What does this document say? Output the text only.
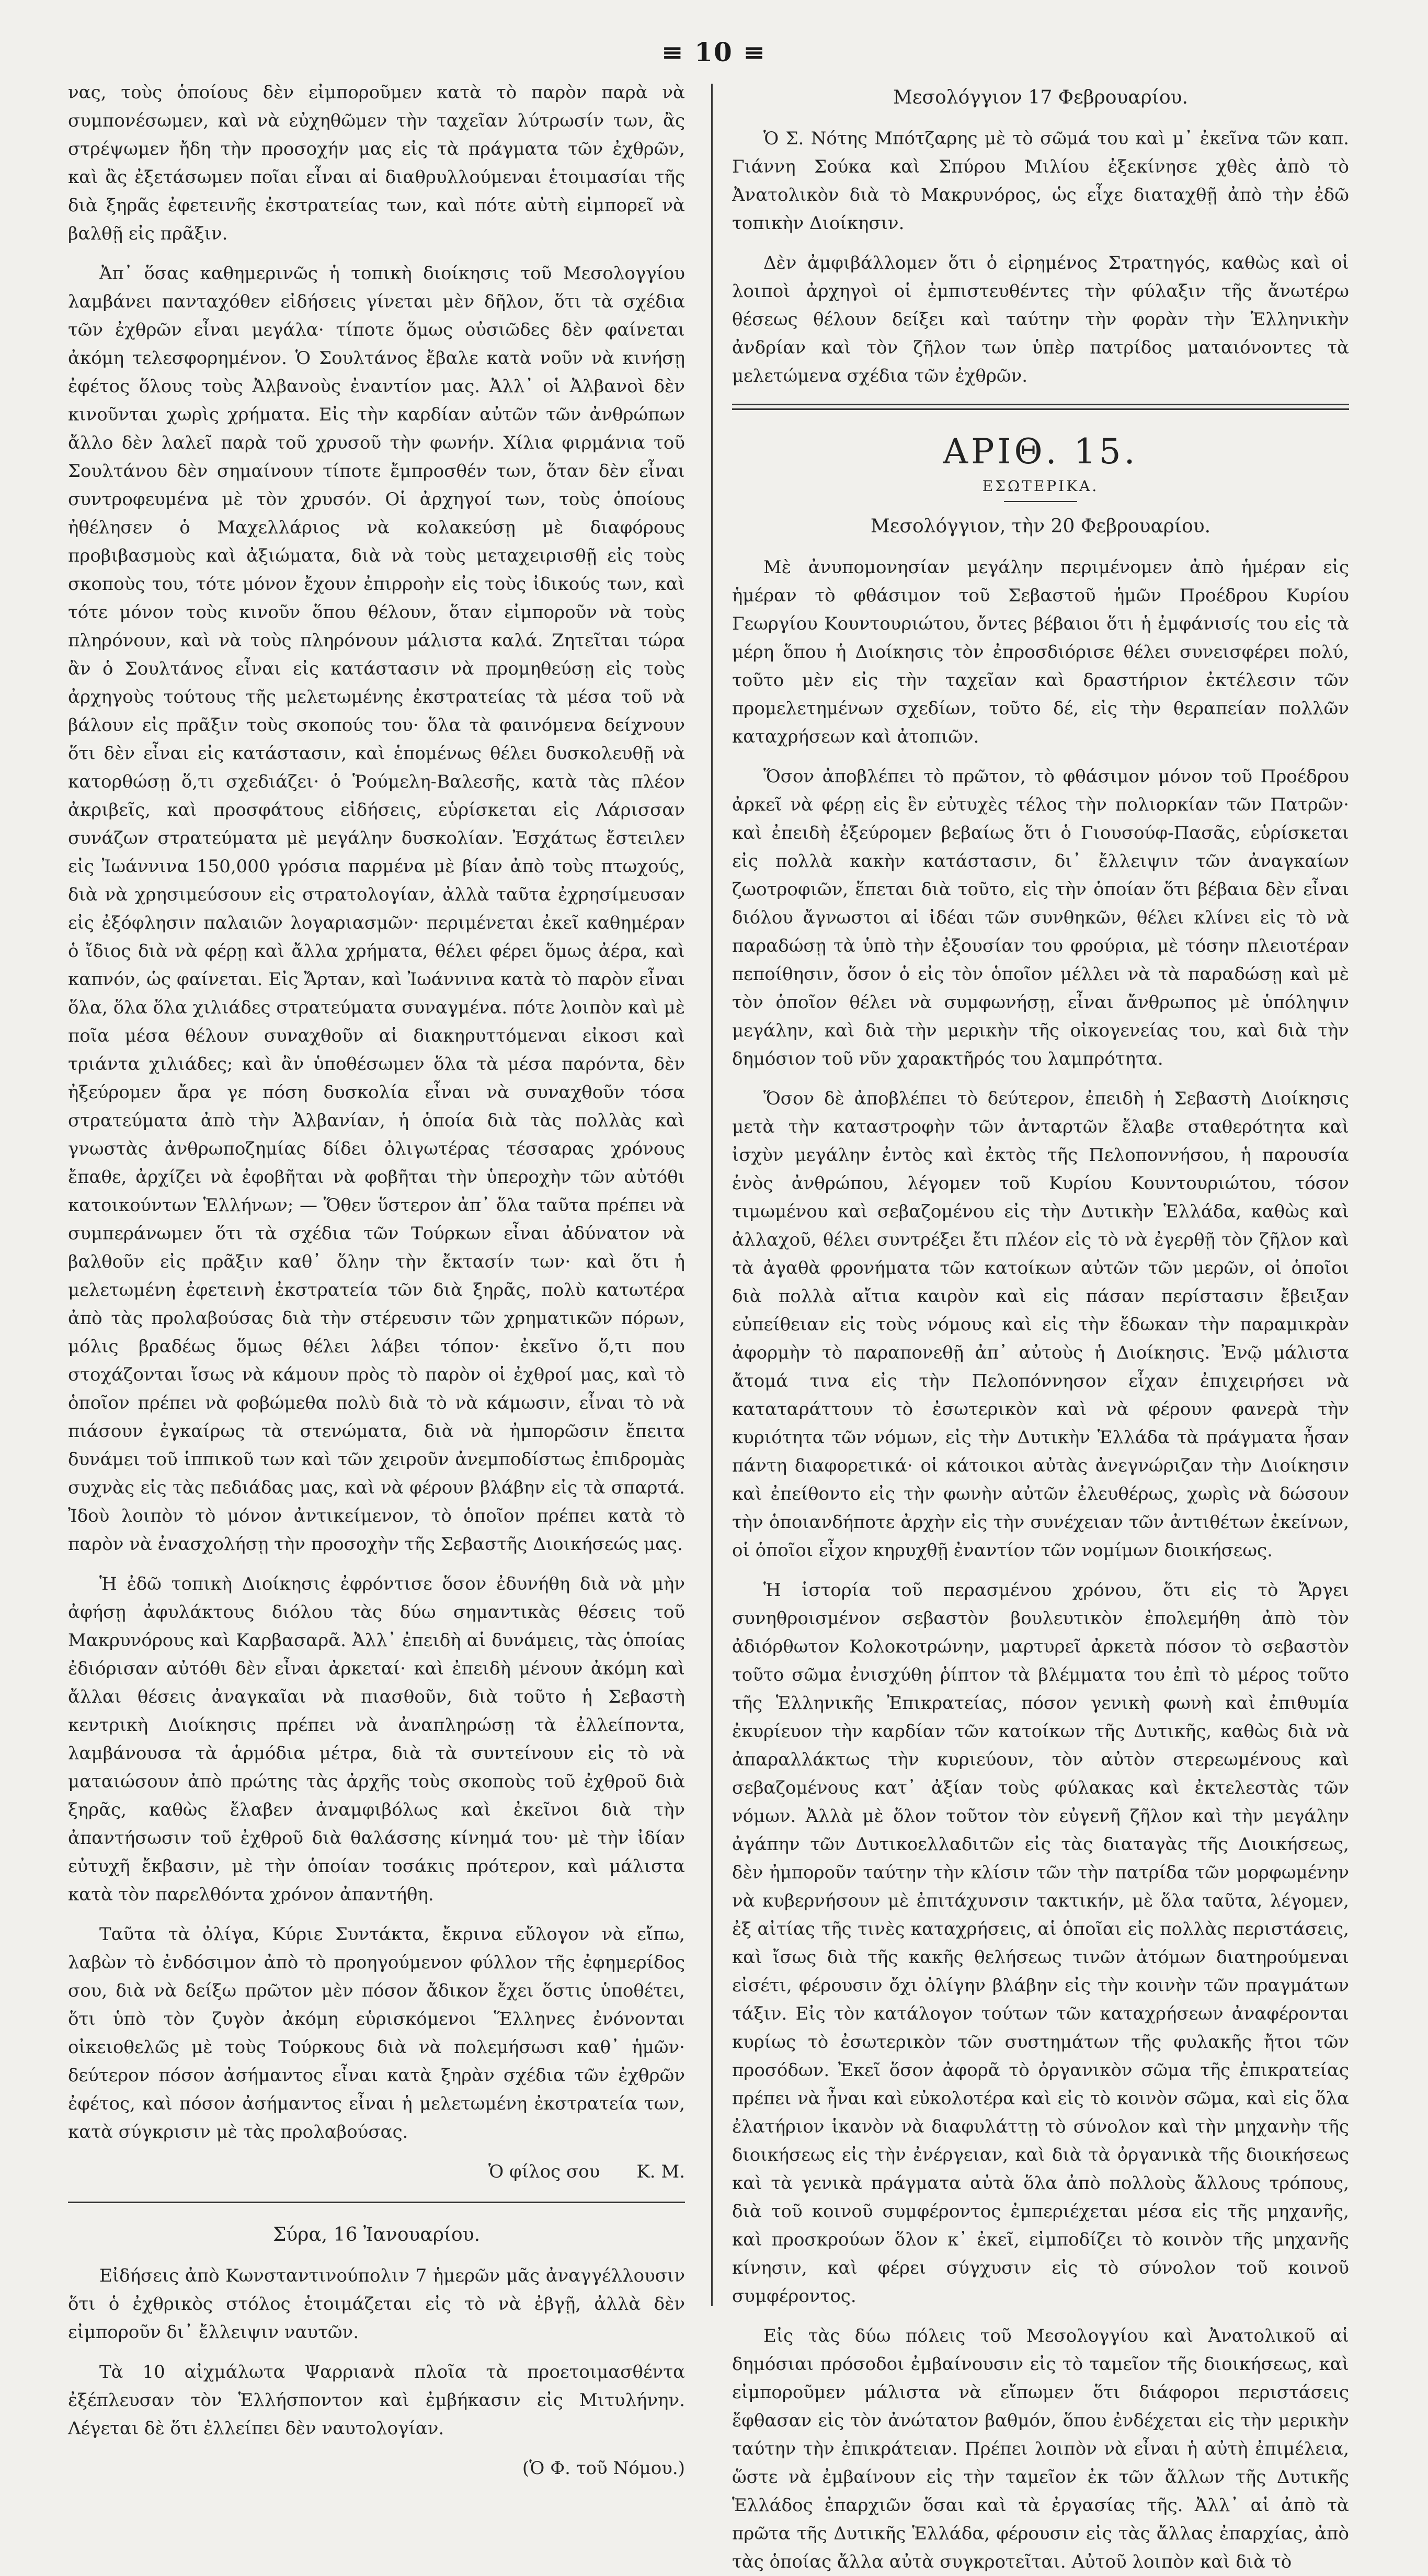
≡ 10 ≡

νας, τοὺς ὁποίους δὲν εἰμποροῦμεν κατὰ τὸ παρὸν παρὰ νὰ συμπονέσωμεν, καὶ νὰ εὐχηθῶμεν τὴν ταχεῖαν λύτρωσίν των, ἂς στρέψωμεν ἤδη τὴν προσοχήν μας εἰς τὰ πράγματα τῶν ἐχθρῶν, καὶ ἂς ἐξετάσωμεν ποῖαι εἶναι αἱ διαθρυλλούμεναι ἑτοιμασίαι τῆς διὰ ξηρᾶς ἐφετεινῆς ἐκστρατείας των, καὶ πότε αὐτὴ εἰμπορεῖ νὰ βαλθῇ εἰς πρᾶξιν.

Ἀπ᾽ ὅσας καθημερινῶς ἡ τοπικὴ διοίκησις τοῦ Μεσολογγίου λαμβάνει πανταχόθεν εἰδήσεις γίνεται μὲν δῆλον, ὅτι τὰ σχέδια τῶν ἐχθρῶν εἶναι μεγάλα· τίποτε ὅμως οὐσιῶδες δὲν φαίνεται ἀκόμη τελεσφορημένον. Ὁ Σουλτάνος ἔβαλε κατὰ νοῦν νὰ κινήσῃ ἐφέτος ὅλους τοὺς Ἀλβανοὺς ἐναντίον μας. Ἀλλ᾽ οἱ Ἀλβανοὶ δὲν κινοῦνται χωρὶς χρήματα. Εἰς τὴν καρδίαν αὐτῶν τῶν ἀνθρώπων ἄλλο δὲν λαλεῖ παρὰ τοῦ χρυσοῦ τὴν φωνήν. Χίλια φιρμάνια τοῦ Σουλτάνου δὲν σημαίνουν τίποτε ἔμπροσθέν των, ὅταν δὲν εἶναι συντροφευμένα μὲ τὸν χρυσόν. Οἱ ἀρχηγοί των, τοὺς ὁποίους ἠθέλησεν ὁ Μαχελλάριος νὰ κολακεύσῃ μὲ διαφόρους προβιβασμοὺς καὶ ἀξιώματα, διὰ νὰ τοὺς μεταχειρισθῇ εἰς τοὺς σκοποὺς του, τότε μόνον ἔχουν ἐπιρροὴν εἰς τοὺς ἰδικούς των, καὶ τότε μόνον τοὺς κινοῦν ὅπου θέλουν, ὅταν εἰμποροῦν νὰ τοὺς πληρόνουν, καὶ νὰ τοὺς πληρόνουν μάλιστα καλά. Ζητεῖται τώρα ἂν ὁ Σουλτάνος εἶναι εἰς κατάστασιν νὰ προμηθεύσῃ εἰς τοὺς ἀρχηγοὺς τούτους τῆς μελετωμένης ἐκστρατείας τὰ μέσα τοῦ νὰ βάλουν εἰς πρᾶξιν τοὺς σκοπούς του· ὅλα τὰ φαινόμενα δείχνουν ὅτι δὲν εἶναι εἰς κατάστασιν, καὶ ἑπομένως θέλει δυσκολευθῇ νὰ κατορθώσῃ ὅ,τι σχεδιάζει· ὁ Ῥούμελη-Βαλεσῆς, κατὰ τὰς πλέον ἀκριβεῖς, καὶ προσφάτους εἰδήσεις, εὑρίσκεται εἰς Λάρισσαν συνάζων στρατεύματα μὲ μεγάλην δυσκολίαν. Ἐσχάτως ἔστειλεν εἰς Ἰωάννινα 150,000 γρόσια παρμένα μὲ βίαν ἀπὸ τοὺς πτωχούς, διὰ νὰ χρησιμεύσουν εἰς στρατολογίαν, ἀλλὰ ταῦτα ἐχρησίμευσαν εἰς ἐξόφλησιν παλαιῶν λογαριασμῶν· περιμένεται ἐκεῖ καθημέραν ὁ ἴδιος διὰ νὰ φέρῃ καὶ ἄλλα χρήματα, θέλει φέρει ὅμως ἀέρα, καὶ καπνόν, ὡς φαίνεται. Εἰς Ἄρταν, καὶ Ἰωάννινα κατὰ τὸ παρὸν εἶναι ὅλα, ὅλα ὅλα χιλιάδες στρατεύματα συναγμένα. πότε λοιπὸν καὶ μὲ ποῖα μέσα θέλουν συναχθοῦν αἱ διακηρυττόμεναι εἰκοσι καὶ τριάντα χιλιάδες; καὶ ἂν ὑποθέσωμεν ὅλα τὰ μέσα παρόντα, δὲν ἠξεύρομεν ἄρα γε πόση δυσκολία εἶναι νὰ συναχθοῦν τόσα στρατεύματα ἀπὸ τὴν Ἀλβανίαν, ἡ ὁποία διὰ τὰς πολλὰς καὶ γνωστὰς ἀνθρωποζημίας δίδει ὀλιγωτέρας τέσσαρας χρόνους ἔπαθε, ἀρχίζει νὰ ἐφοβῆται νὰ φοβῆται τὴν ὑπεροχὴν τῶν αὐτόθι κατοικούντων Ἑλλήνων; — Ὅθεν ὕστερον ἀπ᾽ ὅλα ταῦτα πρέπει νὰ συμπεράνωμεν ὅτι τὰ σχέδια τῶν Τούρκων εἶναι ἀδύνατον νὰ βαλθοῦν εἰς πρᾶξιν καθ᾽ ὅλην τὴν ἔκτασίν των· καὶ ὅτι ἡ μελετωμένη ἐφετεινὴ ἐκστρατεία τῶν διὰ ξηρᾶς, πολὺ κατωτέρα ἀπὸ τὰς προλαβούσας διὰ τὴν στέρευσιν τῶν χρηματικῶν πόρων, μόλις βραδέως ὅμως θέλει λάβει τόπον· ἐκεῖνο ὅ,τι που στοχάζονται ἴσως νὰ κάμουν πρὸς τὸ παρὸν οἱ ἐχθροί μας, καὶ τὸ ὁποῖον πρέπει νὰ φοβώμεθα πολὺ διὰ τὸ νὰ κάμωσιν, εἶναι τὸ νὰ πιάσουν ἐγκαίρως τὰ στενώματα, διὰ νὰ ἠμπορῶσιν ἔπειτα δυνάμει τοῦ ἱππικοῦ των καὶ τῶν χειροῦν ἀνεμποδίστως ἐπιδρομὰς συχνὰς εἰς τὰς πεδιάδας μας, καὶ νὰ φέρουν βλάβην εἰς τὰ σπαρτά. Ἰδοὺ λοιπὸν τὸ μόνον ἀντικείμενον, τὸ ὁποῖον πρέπει κατὰ τὸ παρὸν νὰ ἐνασχολήσῃ τὴν προσοχὴν τῆς Σεβαστῆς Διοικήσεώς μας.

Ἡ ἐδῶ τοπικὴ Διοίκησις ἐφρόντισε ὅσον ἐδυνήθη διὰ νὰ μὴν ἀφήσῃ ἀφυλάκτους διόλου τὰς δύω σημαντικὰς θέσεις τοῦ Μακρυνόρους καὶ Καρβασαρᾶ. Ἀλλ᾽ ἐπειδὴ αἱ δυνάμεις, τὰς ὁποίας ἐδιόρισαν αὐτόθι δὲν εἶναι ἀρκεταί· καὶ ἐπειδὴ μένουν ἀκόμη καὶ ἄλλαι θέσεις ἀναγκαῖαι νὰ πιασθοῦν, διὰ τοῦτο ἡ Σεβαστὴ κεντρικὴ Διοίκησις πρέπει νὰ ἀναπληρώσῃ τὰ ἐλλείποντα, λαμβάνουσα τὰ ἁρμόδια μέτρα, διὰ τὰ συντείνουν εἰς τὸ νὰ ματαιώσουν ἀπὸ πρώτης τὰς ἀρχῆς τοὺς σκοποὺς τοῦ ἐχθροῦ διὰ ξηρᾶς, καθὼς ἔλαβεν ἀναμφιβόλως καὶ ἐκεῖνοι διὰ τὴν ἀπαντήσωσιν τοῦ ἐχθροῦ διὰ θαλάσσης κίνημά του· μὲ τὴν ἰδίαν εὐτυχῆ ἔκβασιν, μὲ τὴν ὁποίαν τοσάκις πρότερον, καὶ μάλιστα κατὰ τὸν παρελθόντα χρόνον ἀπαντήθη.

Ταῦτα τὰ ὀλίγα, Κύριε Συντάκτα, ἔκρινα εὔλογον νὰ εἴπω, λαβὼν τὸ ἐνδόσιμον ἀπὸ τὸ προηγούμενον φύλλον τῆς ἐφημερίδος σου, διὰ νὰ δείξω πρῶτον μὲν πόσον ἄδικον ἔχει ὅστις ὑποθέτει, ὅτι ὑπὸ τὸν ζυγὸν ἀκόμη εὑρισκόμενοι Ἕλληνες ἐνόνονται οἰκειοθελῶς μὲ τοὺς Τούρκους διὰ νὰ πολεμήσωσι καθ᾽ ἡμῶν· δεύτερον πόσον ἀσήμαντος εἶναι κατὰ ξηρὰν σχέδια τῶν ἐχθρῶν ἐφέτος, καὶ πόσον ἀσήμαντος εἶναι ἡ μελετωμένη ἐκστρατεία των, κατὰ σύγκρισιν μὲ τὰς προλαβούσας.

Ὁ φίλος σου Κ. Μ.
Σύρα, 16 Ἰανουαρίου.

Εἰδήσεις ἀπὸ Κωνσταντινούπολιν 7 ἡμερῶν μᾶς ἀναγγέλλουσιν ὅτι ὁ ἐχθρικὸς στόλος ἑτοιμάζεται εἰς τὸ νὰ ἐβγῇ, ἀλλὰ δὲν εἰμποροῦν δι᾽ ἔλλειψιν ναυτῶν.

Τὰ 10 αἰχμάλωτα Ψαρριανὰ πλοῖα τὰ προετοιμασθέντα ἐξέπλευσαν τὸν Ἑλλήσποντον καὶ ἐμβήκασιν εἰς Μιτυλήνην. Λέγεται δὲ ὅτι ἐλλείπει δὲν ναυτολογίαν.

(Ὁ Φ. τοῦ Νόμου.)
Μεσολόγγιον 17 Φεβρουαρίου.

Ὁ Σ. Νότης Μπότζαρης μὲ τὸ σῶμά του καὶ μ᾽ ἐκεῖνα τῶν καπ. Γιάννη Σούκα καὶ Σπύρου Μιλίου ἐξεκίνησε χθὲς ἀπὸ τὸ Ἀνατολικὸν διὰ τὸ Μακρυνόρος, ὡς εἶχε διαταχθῇ ἀπὸ τὴν ἐδῶ τοπικὴν Διοίκησιν.

Δὲν ἀμφιβάλλομεν ὅτι ὁ εἰρημένος Στρατηγός, καθὼς καὶ οἱ λοιποὶ ἀρχηγοὶ οἱ ἐμπιστευθέντες τὴν φύλαξιν τῆς ἄνωτέρω θέσεως θέλουν δείξει καὶ ταύτην τὴν φορὰν τὴν Ἑλληνικὴν ἀνδρίαν καὶ τὸν ζῆλον των ὑπὲρ πατρίδος ματαιόνοντες τὰ μελετώμενα σχέδια τῶν ἐχθρῶν.

ΑΡΙΘ. 15.
ΕΣΩΤΕΡΙΚΑ.
Μεσολόγγιον, τὴν 20 Φεβρουαρίου.

Μὲ ἀνυπομονησίαν μεγάλην περιμένομεν ἀπὸ ἡμέραν εἰς ἡμέραν τὸ φθάσιμον τοῦ Σεβαστοῦ ἡμῶν Προέδρου Κυρίου Γεωργίου Κουντουριώτου, ὄντες βέβαιοι ὅτι ἡ ἐμφάνισίς του εἰς τὰ μέρη ὅπου ἡ Διοίκησις τὸν ἐπροσδιόρισε θέλει συνεισφέρει πολύ, τοῦτο μὲν εἰς τὴν ταχεῖαν καὶ δραστήριον ἐκτέλεσιν τῶν προμελετημένων σχεδίων, τοῦτο δέ, εἰς τὴν θεραπείαν πολλῶν καταχρήσεων καὶ ἀτοπιῶν.

Ὅσον ἀποβλέπει τὸ πρῶτον, τὸ φθάσιμον μόνον τοῦ Προέδρου ἀρκεῖ νὰ φέρῃ εἰς ἓν εὐτυχὲς τέλος τὴν πολιορκίαν τῶν Πατρῶν· καὶ ἐπειδὴ ἐξεύρομεν βεβαίως ὅτι ὁ Γιουσούφ-Πασᾶς, εὑρίσκεται εἰς πολλὰ κακὴν κατάστασιν, δι᾽ ἔλλειψιν τῶν ἀναγκαίων ζωοτροφιῶν, ἕπεται διὰ τοῦτο, εἰς τὴν ὁποίαν ὅτι βέβαια δὲν εἶναι διόλου ἄγνωστοι αἱ ἰδέαι τῶν συνθηκῶν, θέλει κλίνει εἰς τὸ νὰ παραδώσῃ τὰ ὑπὸ τὴν ἐξουσίαν του φρούρια, μὲ τόσην πλειοτέραν πεποίθησιν, ὅσον ὁ εἰς τὸν ὁποῖον μέλλει νὰ τὰ παραδώσῃ καὶ μὲ τὸν ὁποῖον θέλει νὰ συμφωνήσῃ, εἶναι ἄνθρωπος μὲ ὑπόληψιν μεγάλην, καὶ διὰ τὴν μερικὴν τῆς οἰκογενείας του, καὶ διὰ τὴν δημόσιον τοῦ νῦν χαρακτῆρός του λαμπρότητα.

Ὅσον δὲ ἀποβλέπει τὸ δεύτερον, ἐπειδὴ ἡ Σεβαστὴ Διοίκησις μετὰ τὴν καταστροφὴν τῶν ἀνταρτῶν ἔλαβε σταθερότητα καὶ ἰσχὺν μεγάλην ἐντὸς καὶ ἐκτὸς τῆς Πελοποννήσου, ἡ παρουσία ἑνὸς ἀνθρώπου, λέγομεν τοῦ Κυρίου Κουντουριώτου, τόσον τιμωμένου καὶ σεβαζομένου εἰς τὴν Δυτικὴν Ἑλλάδα, καθὼς καὶ ἀλλαχοῦ, θέλει συντρέξει ἔτι πλέον εἰς τὸ νὰ ἐγερθῇ τὸν ζῆλον καὶ τὰ ἀγαθὰ φρονήματα τῶν κατοίκων αὐτῶν τῶν μερῶν, οἱ ὁποῖοι διὰ πολλὰ αἴτια καιρὸν καὶ εἰς πάσαν περίστασιν ἔβειξαν εὐπείθειαν εἰς τοὺς νόμους καὶ εἰς τὴν ἔδωκαν τὴν παραμικρὰν ἀφορμὴν τὸ παραπονεθῇ ἀπ᾽ αὐτοὺς ἡ Διοίκησις. Ἐνῷ μάλιστα ἄτομά τινα εἰς τὴν Πελοπόννησον εἶχαν ἐπιχειρήσει νὰ καταταράττουν τὸ ἐσωτερικὸν καὶ νὰ φέρουν φανερὰ τὴν κυριότητα τῶν νόμων, εἰς τὴν Δυτικὴν Ἑλλάδα τὰ πράγματα ἦσαν πάντη διαφορετικά· οἱ κάτοικοι αὐτὰς ἀνεγνώριζαν τὴν Διοίκησιν καὶ ἐπείθοντο εἰς τὴν φωνὴν αὐτῶν ἐλευθέρως, χωρὶς νὰ δώσουν τὴν ὁποιανδήποτε ἀρχὴν εἰς τὴν συνέχειαν τῶν ἀντιθέτων ἐκείνων, οἱ ὁποῖοι εἶχον κηρυχθῇ ἐναντίον τῶν νομίμων διοικήσεως.

Ἡ ἱστορία τοῦ περασμένου χρόνου, ὅτι εἰς τὸ Ἄργει συνηθροισμένον σεβαστὸν βουλευτικὸν ἐπολεμήθη ἀπὸ τὸν ἀδιόρθωτον Κολοκοτρώνην, μαρτυρεῖ ἀρκετὰ πόσον τὸ σεβαστὸν τοῦτο σῶμα ἐνισχύθη ῥίπτον τὰ βλέμματα του ἐπὶ τὸ μέρος τοῦτο τῆς Ἑλληνικῆς Ἐπικρατείας, πόσον γενικὴ φωνὴ καὶ ἐπιθυμία ἐκυρίευον τὴν καρδίαν τῶν κατοίκων τῆς Δυτικῆς, καθὼς διὰ νὰ ἀπαραλλάκτως τὴν κυριεύουν, τὸν αὐτὸν στερεωμένους καὶ σεβαζομένους κατ᾽ ἀξίαν τοὺς φύλακας καὶ ἐκτελεστὰς τῶν νόμων. Ἀλλὰ μὲ ὅλον τοῦτον τὸν εὐγενῆ ζῆλον καὶ τὴν μεγάλην ἀγάπην τῶν Δυτικοελλαδιτῶν εἰς τὰς διαταγὰς τῆς Διοικήσεως, δὲν ἠμποροῦν ταύτην τὴν κλίσιν τῶν τὴν πατρίδα τῶν μορφωμένην νὰ κυβερνήσουν μὲ ἐπιτάχυνσιν τακτικήν, μὲ ὅλα ταῦτα, λέγομεν, ἐξ αἰτίας τῆς τινὲς καταχρήσεις, αἱ ὁποῖαι εἰς πολλὰς περιστάσεις, καὶ ἴσως διὰ τῆς κακῆς θελήσεως τινῶν ἀτόμων διατηρούμεναι εἰσέτι, φέρουσιν ὄχι ὀλίγην βλάβην εἰς τὴν κοινὴν τῶν πραγμάτων τάξιν. Εἰς τὸν κατάλογον τούτων τῶν καταχρήσεων ἀναφέρονται κυρίως τὸ ἐσωτερικὸν τῶν συστημάτων τῆς φυλακῆς ἤτοι τῶν προσόδων. Ἐκεῖ ὅσον ἀφορᾶ τὸ ὀργανικὸν σῶμα τῆς ἐπικρατείας πρέπει νὰ ἦναι καὶ εὐκολοτέρα καὶ εἰς τὸ κοινὸν σῶμα, καὶ εἰς ὅλα ἐλατήριον ἱκανὸν νὰ διαφυλάττῃ τὸ σύνολον καὶ τὴν μηχανὴν τῆς διοικήσεως εἰς τὴν ἐνέργειαν, καὶ διὰ τὰ ὀργανικὰ τῆς διοικήσεως καὶ τὰ γενικὰ πράγματα αὐτὰ ὅλα ἀπὸ πολλοὺς ἄλλους τρόπους, διὰ τοῦ κοινοῦ συμφέροντος ἐμπεριέχεται μέσα εἰς τῆς μηχανῆς, καὶ προσκρούων ὅλον κ᾽ ἐκεῖ, εἰμποδίζει τὸ κοινὸν τῆς μηχανῆς κίνησιν, καὶ φέρει σύγχυσιν εἰς τὸ σύνολον τοῦ κοινοῦ συμφέροντος.

Εἰς τὰς δύω πόλεις τοῦ Μεσολογγίου καὶ Ἀνατολικοῦ αἱ δημόσιαι πρόσοδοι ἐμβαίνουσιν εἰς τὸ ταμεῖον τῆς διοικήσεως, καὶ εἰμποροῦμεν μάλιστα νὰ εἴπωμεν ὅτι διάφοροι περιστάσεις ἔφθασαν εἰς τὸν ἀνώτατον βαθμόν, ὅπου ἐνδέχεται εἰς τὴν μερικὴν ταύτην τὴν ἐπικράτειαν. Πρέπει λοιπὸν νὰ εἶναι ἡ αὐτὴ ἐπιμέλεια, ὥστε νὰ ἐμβαίνουν εἰς τὴν ταμεῖον ἐκ τῶν ἄλλων τῆς Δυτικῆς Ἑλλάδος ἐπαρχιῶν ὅσαι καὶ τὰ ἐργασίας τῆς. Ἀλλ᾽ αἱ ἀπὸ τὰ πρῶτα τῆς Δυτικῆς Ἑλλάδα, φέρουσιν εἰς τὰς ἄλλας ἐπαρχίας, ἀπὸ τὰς ὁποίας ἄλλα αὐτὰ συγκροτεῖται. Αὐτοῦ λοιπὸν καὶ διὰ τὸ
